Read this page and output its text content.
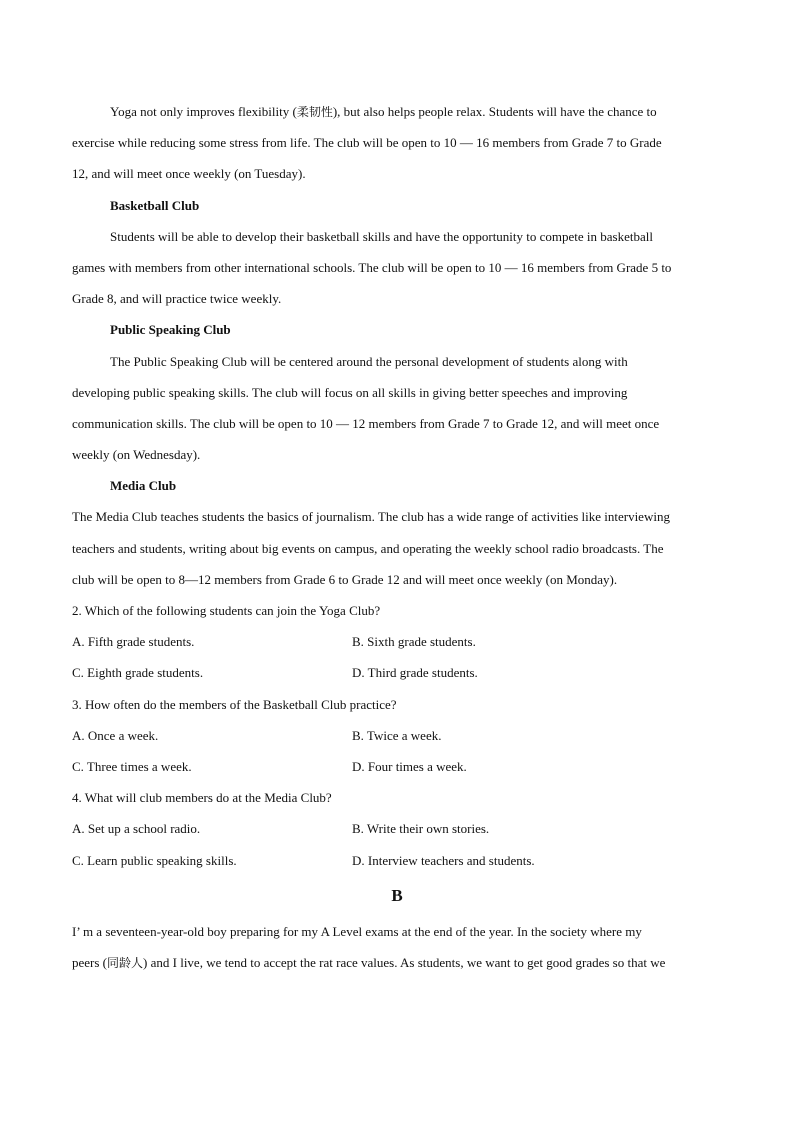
Yoga not only improves flexibility (柔韧性), but also helps people relax. Students will have the chance to
exercise while reducing some stress from life. The club will be open to 10 — 16 members from Grade 7 to Grade
12, and will meet once weekly (on Tuesday).
Basketball Club
Students will be able to develop their basketball skills and have the opportunity to compete in basketball
games with members from other international schools. The club will be open to 10 — 16 members from Grade 5 to
Grade 8, and will practice twice weekly.
Public Speaking Club
The Public Speaking Club will be centered around the personal development of students along with
developing public speaking skills. The club will focus on all skills in giving better speeches and improving
communication skills. The club will be open to 10 — 12 members from Grade 7 to Grade 12, and will meet once
weekly (on Wednesday).
Media Club
The Media Club teaches students the basics of journalism. The club has a wide range of activities like interviewing
teachers and students, writing about big events on campus, and operating the weekly school radio broadcasts. The
club will be open to 8—12 members from Grade 6 to Grade 12 and will meet once weekly (on Monday).
2. Which of the following students can join the Yoga Club?
A. Fifth grade students.	B. Sixth grade students.
C. Eighth grade students.	D. Third grade students.
3. How often do the members of the Basketball Club practice?
A. Once a week.	B. Twice a week.
C. Three times a week.	D. Four times a week.
4. What will club members do at the Media Club?
A. Set up a school radio.	B. Write their own stories.
C. Learn public speaking skills.	D. Interview teachers and students.
B
I’ m a seventeen-year-old boy preparing for my A Level exams at the end of the year. In the society where my
peers (同龄人) and I live, we tend to accept the rat race values. As students, we want to get good grades so that we
